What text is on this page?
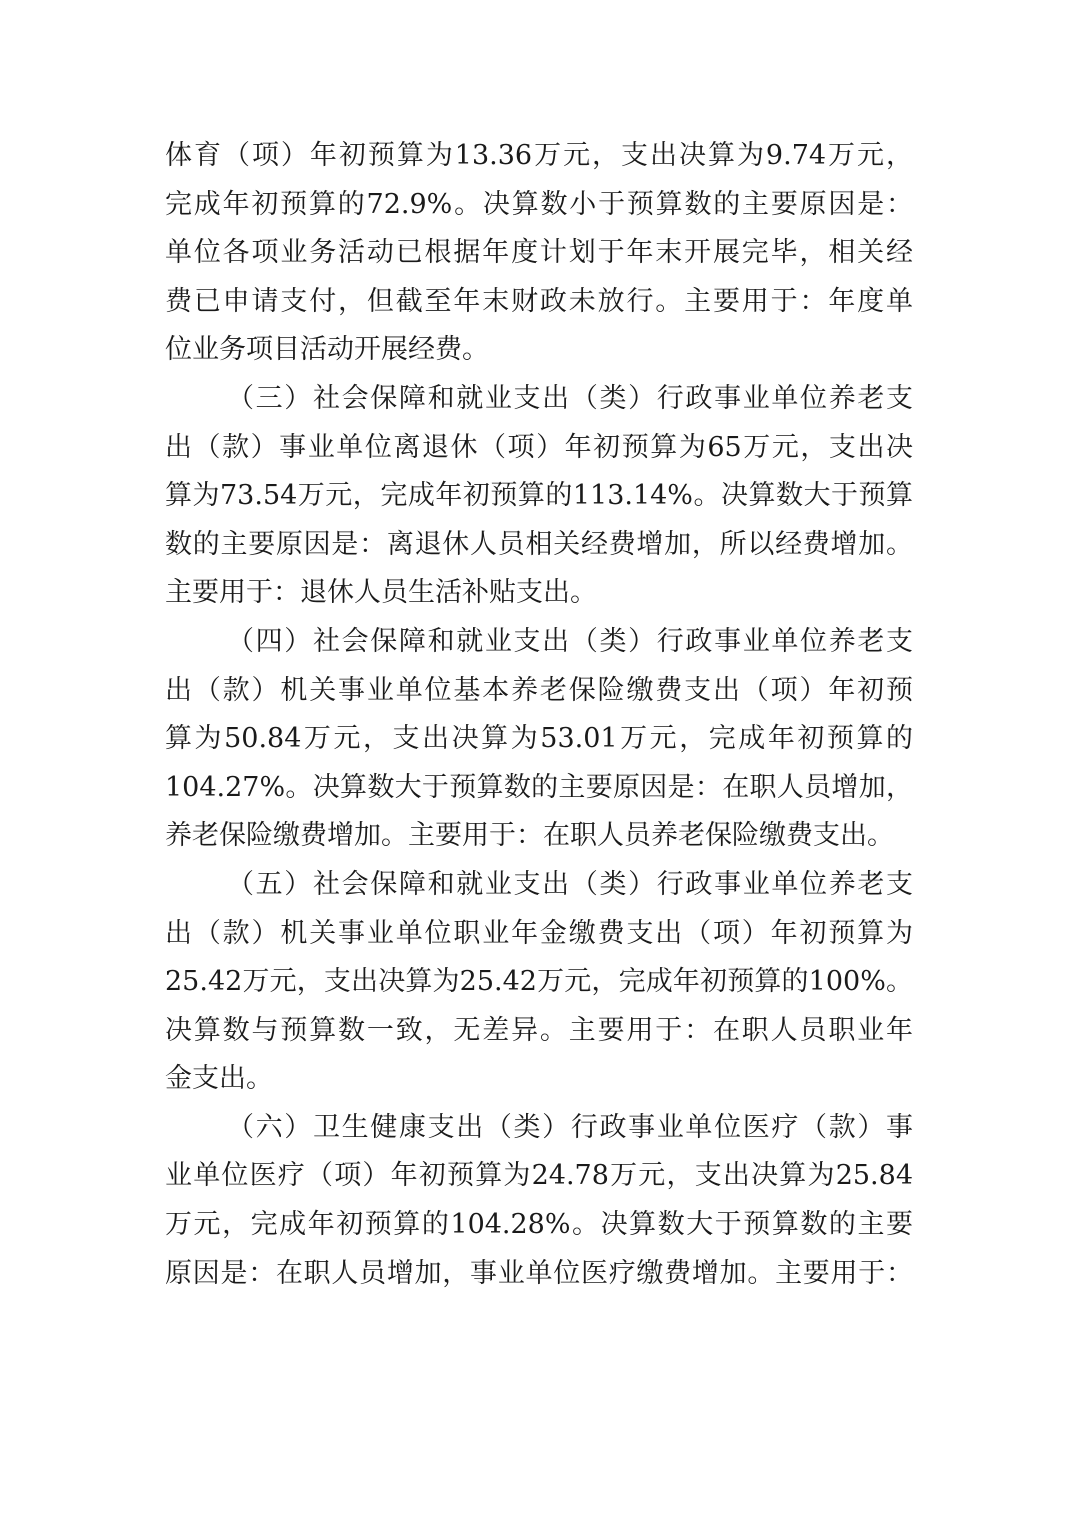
体育（项）年初预算为13.36万元，支出决算为9.74万元，
完成年初预算的72.9%。决算数小于预算数的主要原因是：
单位各项业务活动已根据年度计划于年末开展完毕，相关经
费已申请支付，但截至年末财政未放行。主要用于：年度单
位业务项目活动开展经费。
（三）社会保障和就业支出（类）行政事业单位养老支
出（款）事业单位离退休（项）年初预算为65万元，支出决
算为73.54万元，完成年初预算的113.14%。决算数大于预算
数的主要原因是：离退休人员相关经费增加，所以经费增加。
主要用于：退休人员生活补贴支出。
（四）社会保障和就业支出（类）行政事业单位养老支
出（款）机关事业单位基本养老保险缴费支出（项）年初预
算为50.84万元，支出决算为53.01万元，完成年初预算的
104.27%。决算数大于预算数的主要原因是：在职人员增加，
养老保险缴费增加。主要用于：在职人员养老保险缴费支出。
（五）社会保障和就业支出（类）行政事业单位养老支
出（款）机关事业单位职业年金缴费支出（项）年初预算为
25.42万元，支出决算为25.42万元，完成年初预算的100%。
决算数与预算数一致，无差异。主要用于：在职人员职业年
金支出。
（六）卫生健康支出（类）行政事业单位医疗（款）事
业单位医疗（项）年初预算为24.78万元，支出决算为25.84
万元，完成年初预算的104.28%。决算数大于预算数的主要
原因是：在职人员增加，事业单位医疗缴费增加。主要用于：
